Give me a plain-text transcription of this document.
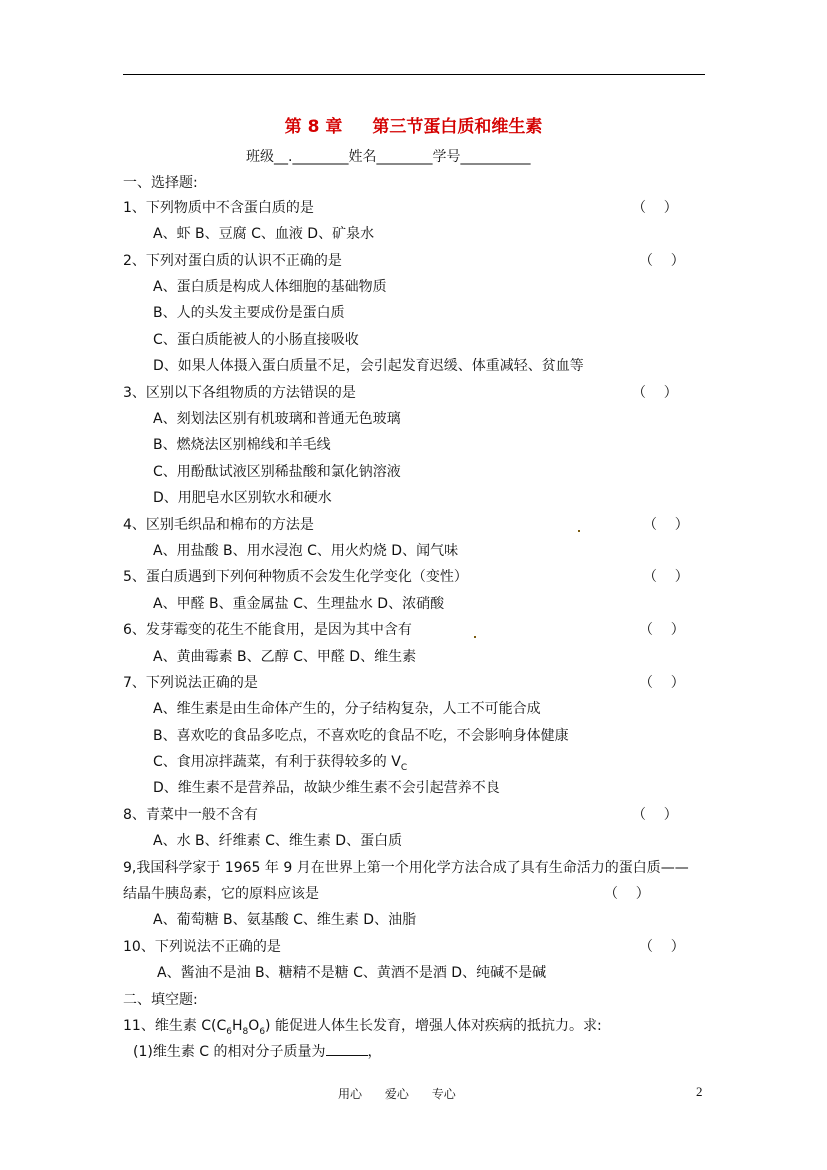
第 8 章 第三节蛋白质和维生素
班级__.________姓名________学号__________
一、选择题:
1、下列物质中不含蛋白质的是	（    ）
A、虾 B、豆腐 C、血液 D、矿泉水
2、下列对蛋白质的认识不正确的是	（    ）
A、蛋白质是构成人体细胞的基础物质
B、人的头发主要成份是蛋白质
C、蛋白质能被人的小肠直接吸收
D、如果人体摄入蛋白质量不足，会引起发育迟缓、体重减轻、贫血等
3、区别以下各组物质的方法错误的是	（    ）
A、刻划法区别有机玻璃和普通无色玻璃
B、燃烧法区别棉线和羊毛线
C、用酚酞试液区别稀盐酸和氯化钠溶液
D、用肥皂水区别软水和硬水
4、区别毛织品和棉布的方法是	（    ）
A、用盐酸 B、用水浸泡 C、用火灼烧 D、闻气味
5、蛋白质遇到下列何种物质不会发生化学变化（变性）	（    ）
A、甲醛 B、重金属盐 C、生理盐水 D、浓硝酸
6、发芽霉变的花生不能食用，是因为其中含有	（    ）
A、黄曲霉素 B、乙醇 C、甲醛 D、维生素
7、下列说法正确的是	（    ）
A、维生素是由生命体产生的，分子结构复杂，人工不可能合成
B、喜欢吃的食品多吃点，不喜欢吃的食品不吃，不会影响身体健康
C、食用凉拌蔬菜，有利于获得较多的 $V_C$
D、维生素不是营养品，故缺少维生素不会引起营养不良
8、青菜中一般不含有	（    ）
A、水 B、纤维素 C、维生素 D、蛋白质
9,我国科学家于 1965 年 9 月在世界上第一个用化学方法合成了具有生命活力的蛋白质——
结晶牛胰岛素，它的原料应该是	（    ）
A、葡萄糖 B、氨基酸 C、维生素 D、油脂
10、下列说法不正确的是	（    ）
A、酱油不是油 B、糖精不是糖 C、黄酒不是酒 D、纯碱不是碱
二、填空题:
11、维生素 $C(C_6H_8O_6)$ 能促进人体生长发育，增强人体对疾病的抵抗力。求:
(1)维生素 C 的相对分子质量为	，
用心      爱心      专心	2
